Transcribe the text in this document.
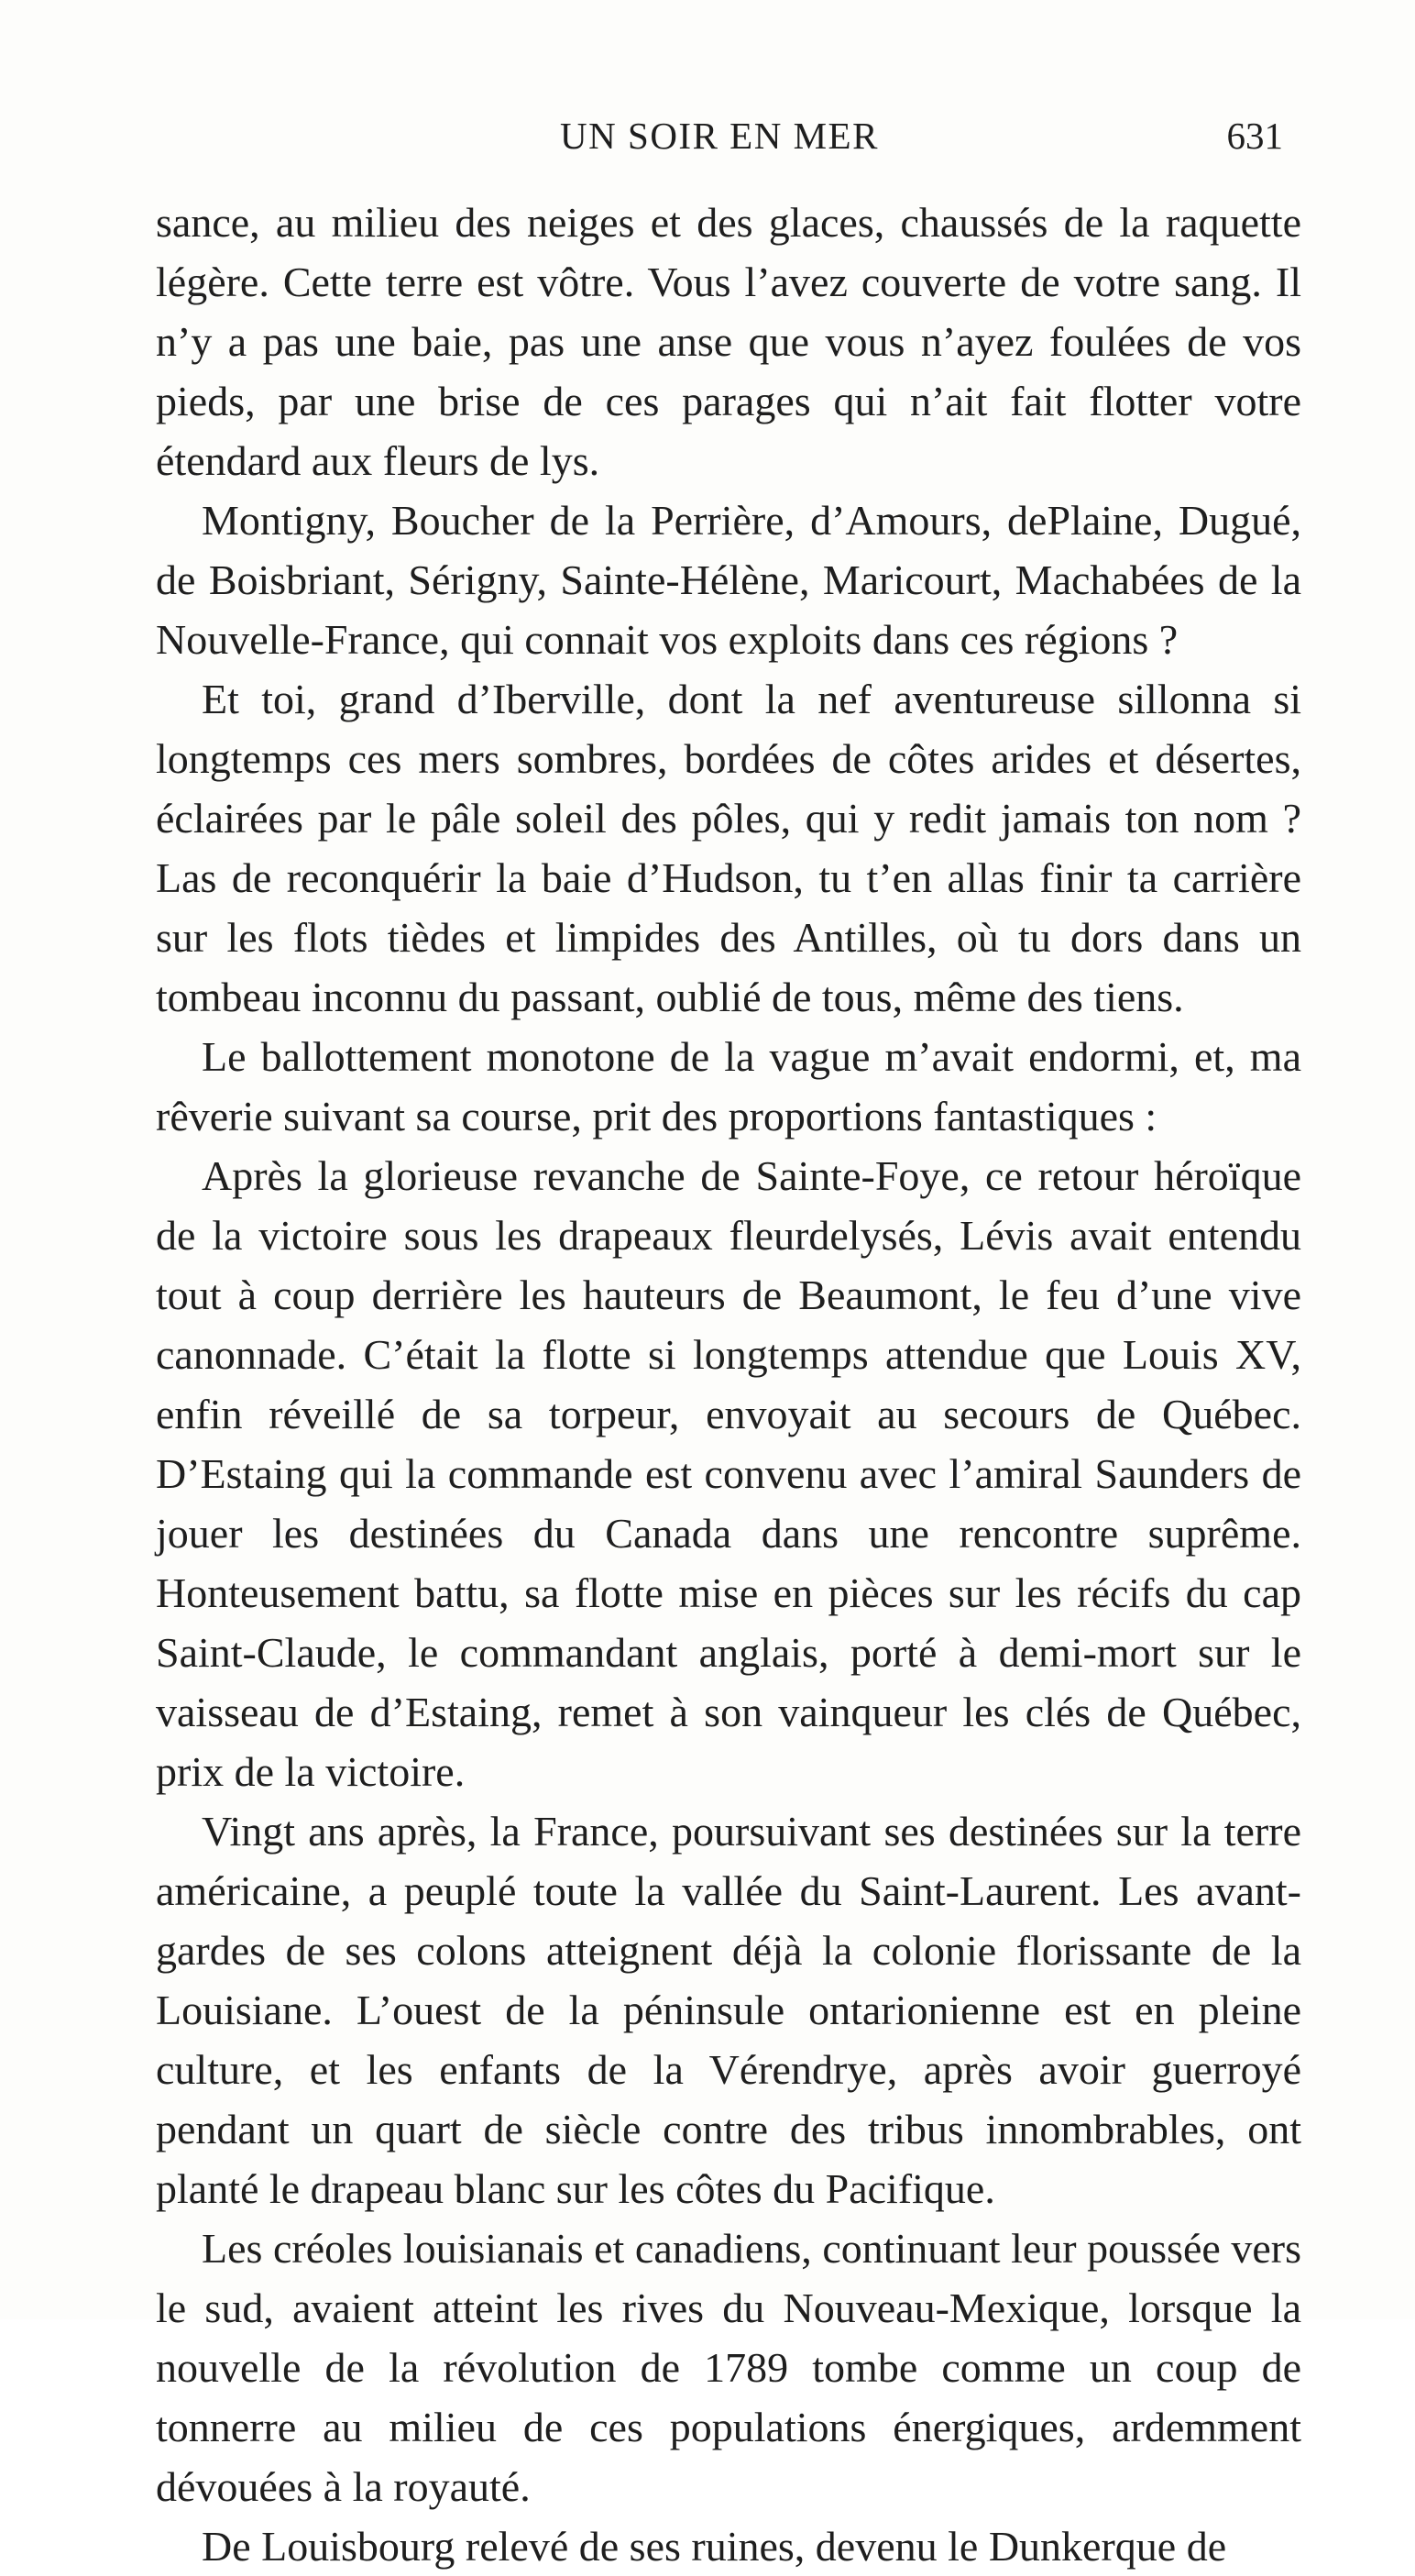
UN SOIR EN MER	631

sance, au milieu des neiges et des glaces, chaussés de la raquette légère. Cette terre est vôtre. Vous l’avez couverte de votre sang. Il n’y a pas une baie, pas une anse que vous n’ayez foulées de vos pieds, par une brise de ces parages qui n’ait fait flotter votre étendard aux fleurs de lys.

Montigny, Boucher de la Perrière, d’Amours, dePlaine, Dugué, de Boisbriant, Sérigny, Sainte-Hélène, Maricourt, Machabées de la Nouvelle-France, qui connait vos exploits dans ces régions ?

Et toi, grand d’Iberville, dont la nef aventureuse sillonna si longtemps ces mers sombres, bordées de côtes arides et désertes, éclairées par le pâle soleil des pôles, qui y redit jamais ton nom ? Las de reconquérir la baie d’Hudson, tu t’en allas finir ta carrière sur les flots tièdes et limpides des Antilles, où tu dors dans un tombeau inconnu du passant, oublié de tous, même des tiens.

Le ballottement monotone de la vague m’avait endormi, et, ma rêverie suivant sa course, prit des proportions fantastiques :

Après la glorieuse revanche de Sainte-Foye, ce retour héroïque de la victoire sous les drapeaux fleurdelysés, Lévis avait entendu tout à coup derrière les hauteurs de Beaumont, le feu d’une vive canonnade. C’était la flotte si longtemps attendue que Louis XV, enfin réveillé de sa torpeur, envoyait au secours de Québec. D’Estaing qui la commande est convenu avec l’amiral Saunders de jouer les destinées du Canada dans une rencontre suprême. Honteusement battu, sa flotte mise en pièces sur les récifs du cap Saint-Claude, le commandant anglais, porté à demi-mort sur le vaisseau de d’Estaing, remet à son vainqueur les clés de Québec, prix de la victoire.

Vingt ans après, la France, poursuivant ses destinées sur la terre américaine, a peuplé toute la vallée du Saint-Laurent. Les avant-gardes de ses colons atteignent déjà la colonie florissante de la Louisiane. L’ouest de la péninsule ontarionienne est en pleine culture, et les enfants de la Vérendrye, après avoir guerroyé pendant un quart de siècle contre des tribus innombrables, ont planté le drapeau blanc sur les côtes du Pacifique.

Les créoles louisianais et canadiens, continuant leur poussée vers le sud, avaient atteint les rives du Nouveau-Mexique, lorsque la nouvelle de la révolution de 1789 tombe comme un coup de tonnerre au milieu de ces populations énergiques, ardemment dévouées à la royauté.

De Louisbourg relevé de ses ruines, devenu le Dunkerque de
